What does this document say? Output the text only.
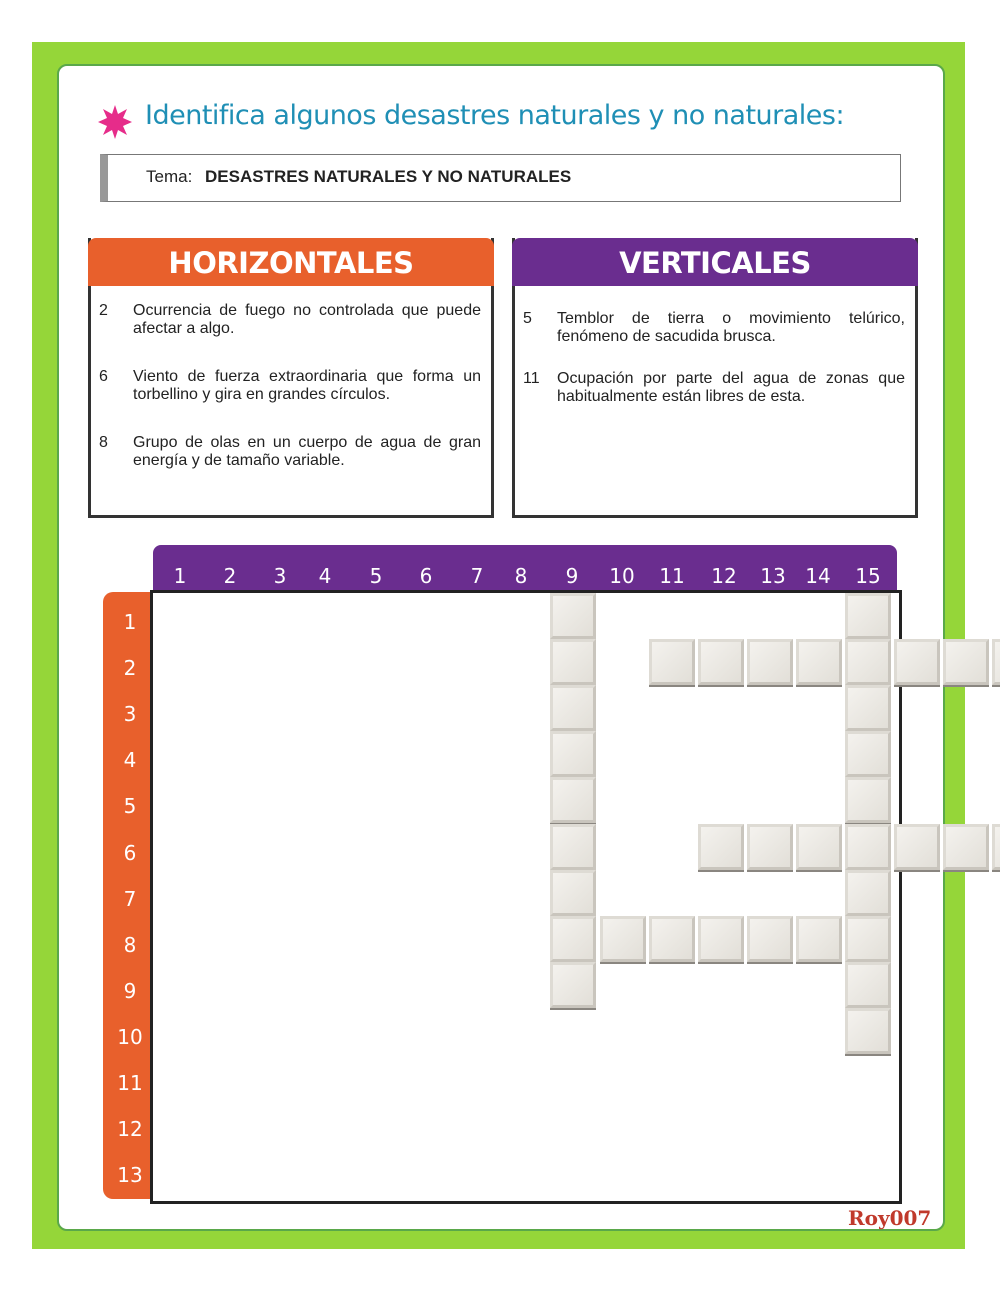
Identifica algunos desastres naturales y no naturales:
Tema: DESASTRES NATURALES Y NO NATURALES
HORIZONTALES
2	Ocurrencia de fuego no controlada que puede afectar a algo.
6	Viento de fuerza extraordinaria que forma un torbellino y gira en grandes círculos.
8	Grupo de olas en un cuerpo de agua de gran energía y de tamaño variable.
VERTICALES
5	Temblor de tierra o movimiento telúrico, fenómeno de sacudida brusca.
11	Ocupación por parte del agua de zonas que habitualmente están libres de esta.
Roy007
1	2	3	4	5	6	7	8	9	10 11 12 13 14 15
1
2
3
4
5
6
7
8
9
10
11
12
13
